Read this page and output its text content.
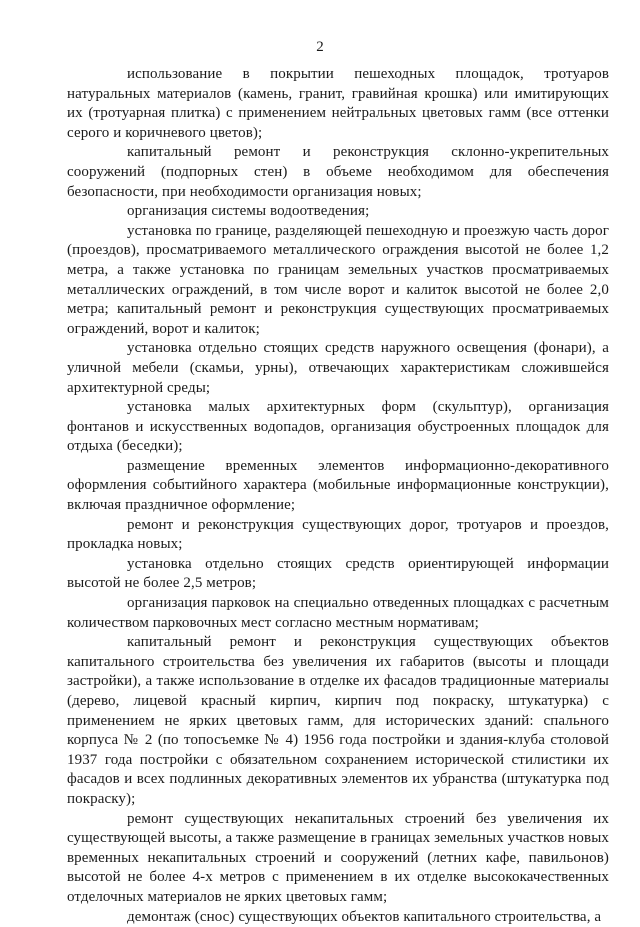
2

использование в покрытии пешеходных площадок, тротуаров натуральных материалов (камень, гранит, гравийная крошка) или имитирующих их (тротуарная плитка) с применением нейтральных цветовых гамм (все оттенки серого и коричневого цветов);

капитальный ремонт и реконструкция склонно-укрепительных сооружений (подпорных стен) в объеме необходимом для обеспечения безопасности, при необходимости организация новых;

организация системы водоотведения;

установка по границе, разделяющей пешеходную и проезжую часть дорог (проездов), просматриваемого металлического ограждения высотой не более 1,2 метра, а также установка по границам земельных участков просматриваемых металлических ограждений, в том числе ворот и калиток высотой не более 2,0 метра; капитальный ремонт и реконструкция существующих просматриваемых ограждений, ворот и калиток;

установка отдельно стоящих средств наружного освещения (фонари), а уличной мебели (скамьи, урны), отвечающих характеристикам сложившейся архитектурной среды;

установка малых архитектурных форм (скульптур), организация фонтанов и искусственных водопадов, организация обустроенных площадок для отдыха (беседки);

размещение временных элементов информационно-декоративного оформления событийного характера (мобильные информационные конструкции), включая праздничное оформление;

ремонт и реконструкция существующих дорог, тротуаров и проездов, прокладка новых;

установка отдельно стоящих средств ориентирующей информации высотой не более 2,5 метров;

организация парковок на специально отведенных площадках с расчетным количеством парковочных мест согласно местным нормативам;

капитальный ремонт и реконструкция существующих объектов капитального строительства без увеличения их габаритов (высоты и площади застройки), а также использование в отделке их фасадов традиционные материалы (дерево, лицевой красный кирпич, кирпич под покраску, штукатурка) с применением не ярких цветовых гамм, для исторических зданий: спального корпуса № 2 (по топосъемке № 4) 1956 года постройки и здания-клуба столовой 1937 года постройки с обязательном сохранением исторической стилистики их фасадов и всех подлинных декоративных элементов их убранства (штукатурка под покраску);

ремонт существующих некапитальных строений без увеличения их существующей высоты, а также размещение в границах земельных участков новых временных некапитальных строений и сооружений (летних кафе, павильонов) высотой не более 4-х метров с применением в их отделке высококачественных отделочных материалов не ярких цветовых гамм;

демонтаж (снос) существующих объектов капитального строительства, а
